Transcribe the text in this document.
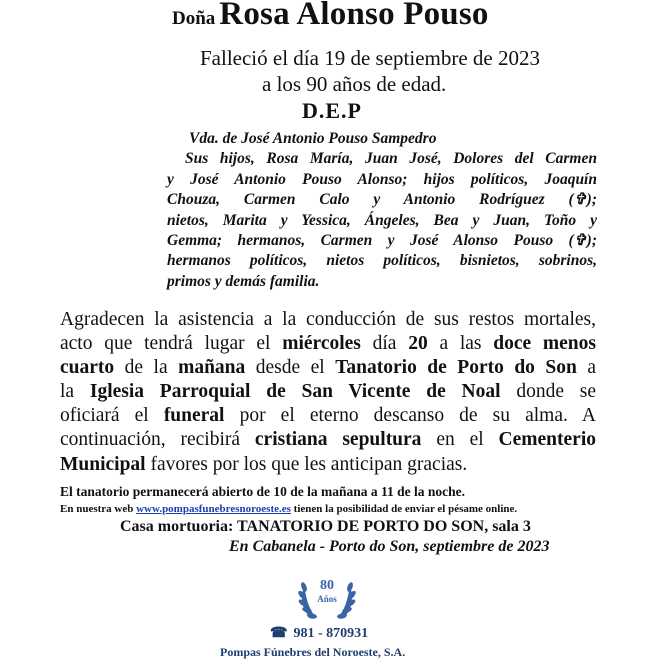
Doña Rosa Alonso Pouso
Falleció el día 19 de septiembre de 2023
a los 90 años de edad.
D.E.P
Vda. de José Antonio Pouso Sampedro
Sus hijos, Rosa María, Juan José, Dolores del Carmen
y José Antonio Pouso Alonso; hijos políticos, Joaquín
Chouza, Carmen Calo y Antonio Rodríguez (✞);
nietos, Marita y Yessica, Ángeles, Bea y Juan, Toño y
Gemma; hermanos, Carmen y José Alonso Pouso (✞);
hermanos políticos, nietos políticos, bisnietos, sobrinos,
primos y demás familia.
Agradecen la asistencia a la conducción de sus restos mortales,
acto que tendrá lugar el miércoles día 20 a las doce menos
cuarto de la mañana desde el Tanatorio de Porto do Son a
la Iglesia Parroquial de San Vicente de Noal donde se
oficiará el funeral por el eterno descanso de su alma. A
continuación, recibirá cristiana sepultura en el Cementerio
Municipal favores por los que les anticipan gracias.
El tanatorio permanecerá abierto de 10 de la mañana a 11 de la noche.
En nuestra web www.pompasfunebresnoroeste.es tienen la posibilidad de enviar el pésame online.
Casa mortuoria: TANATORIO DE PORTO DO SON, sala 3
En Cabanela - Porto do Son, septiembre de 2023
80
Años
☎ 981 - 870931
Pompas Fúnebres del Noroeste, S.A.
